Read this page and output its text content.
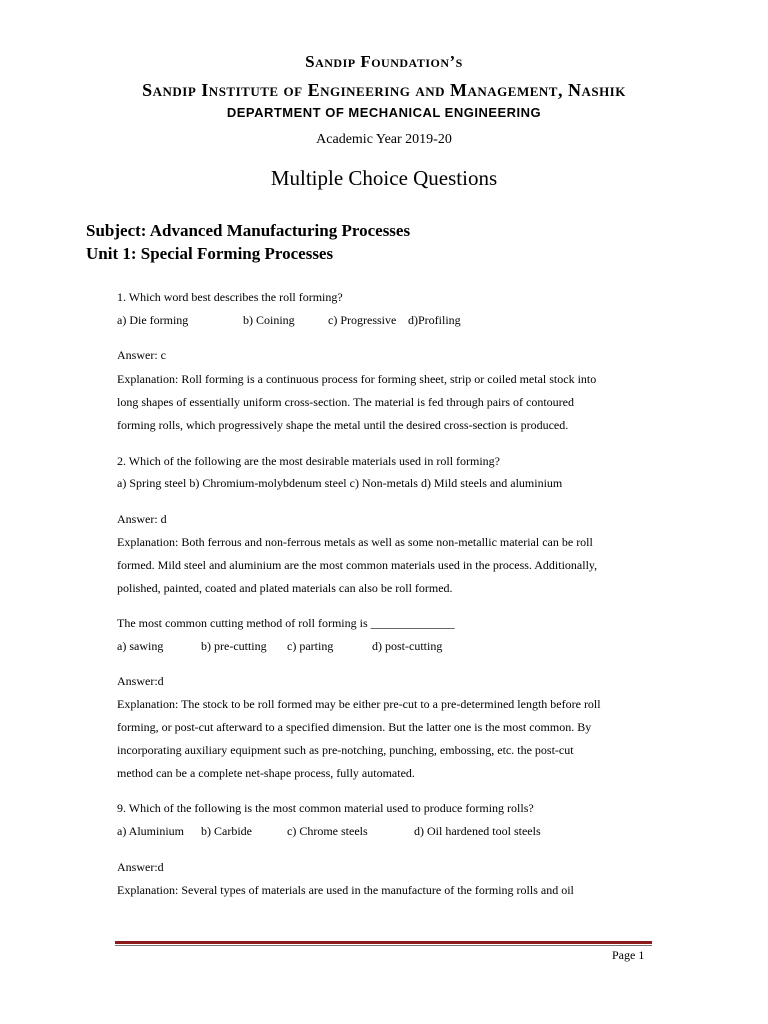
Sandip Foundation’s
Sandip Institute of Engineering and Management, Nashik
DEPARTMENT OF MECHANICAL ENGINEERING
Academic Year 2019-20
Multiple Choice Questions
Subject: Advanced Manufacturing Processes
Unit 1: Special Forming Processes
1. Which word best describes the roll forming?
a) Die forming	b) Coining	c) Progressive d)Profiling
Answer: c
Explanation: Roll forming is a continuous process for forming sheet, strip or coiled metal stock into
long shapes of essentially uniform cross-section. The material is fed through pairs of contoured
forming rolls, which progressively shape the metal until the desired cross-section is produced.
2. Which of the following are the most desirable materials used in roll forming?
a) Spring steel b) Chromium-molybdenum steel c) Non-metals d) Mild steels and aluminium
Answer: d
Explanation: Both ferrous and non-ferrous metals as well as some non-metallic material can be roll
formed. Mild steel and aluminium are the most common materials used in the process. Additionally,
polished, painted, coated and plated materials can also be roll formed.
The most common cutting method of roll forming is ______________
a) sawing	b) pre-cutting c) parting	d) post-cutting
Answer:d
Explanation: The stock to be roll formed may be either pre-cut to a pre-determined length before roll
forming, or post-cut afterward to a specified dimension. But the latter one is the most common. By
incorporating auxiliary equipment such as pre-notching, punching, embossing, etc. the post-cut
method can be a complete net-shape process, fully automated.
9. Which of the following is the most common material used to produce forming rolls?
a) Aluminium b) Carbide	c) Chrome steels	d) Oil hardened tool steels
Answer:d
Explanation: Several types of materials are used in the manufacture of the forming rolls and oil
Page 1
